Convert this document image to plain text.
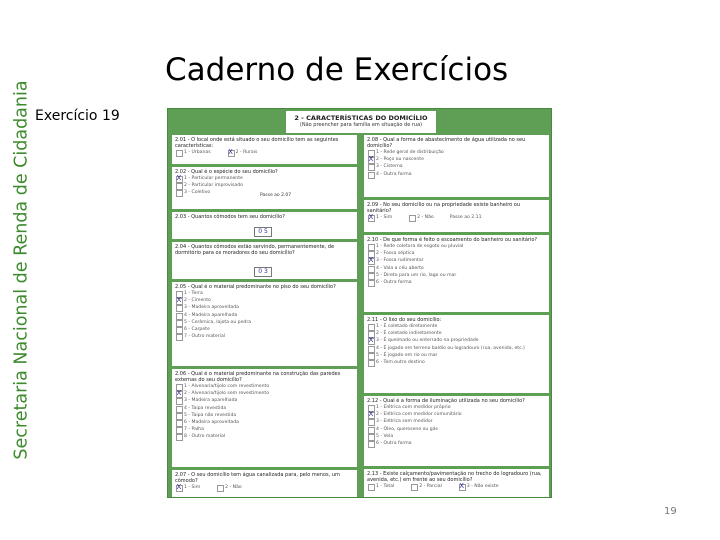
Secretaria Nacional de Renda de Cidadania
Caderno de Exercícios
Exercício 19	2 - CARACTERÍSTICAS DO DOMICÍLIO
(Não preencher para família em situação de rua)
2.01 - O local onde está situado o seu domicílio tem as seguintes características:
1 - Urbanas X	2 - Rurais
2.02 - Qual é o espécie do seu domicílio?
X
1 - Particular permanente
2 - Particular improvisado
3 - Coletivo
Passe ao 2.07
2.03 - Quantos cômodos tem seu domicílio?
0 5
2.04 - Quantos cômodos estão servindo, permanentemente, de dormitório para os moradores do seu domicílio?
0 3
2.05 - Qual é o material predominante no piso do seu domicílio?
1 - Terra
X
2 - Cimento
3 - Madeira aproveitada
4 - Madeira aparelhada
5 - Cerâmica, lajota ou pedra
6 - Carpete
7 - Outro material
2.06 - Qual é o material predominante na construção das paredes externas do seu domicílio?
1 - Alvenaria/tijolo com revestimento
X
2 - Alvenaria/tijolo sem revestimento
3 - Madeira aparelhada
4 - Taipa revestida
5 - Taipa não revestida
6 - Madeira aproveitada
7 - Palha
8 - Outro material
2.07 - O seu domicílio tem água canalizada para, pelo menos, um cômodo?
X
1 - Sim	2 - Não
2.08 - Qual a forma de abastecimento de água utilizada no seu domicílio?
1 - Rede geral de distribuição
X
2 - Poço ou nascente
3 - Cisterna
4 - Outra forma
2.09 - No seu domicílio ou na propriedade existe banheiro ou sanitário?
X
1 - Sim	2 - Não	Passe ao 2.11
2.10 - De que forma é feito o escoamento do banheiro ou sanitário?
1 - Rede coletora de esgoto ou pluvial
2 - Fossa séptica
X
3 - Fossa rudimentar
4 - Vala a céu aberto
5 - Direto para um rio, lago ou mar
6 - Outra forma
2.11 - O lixo do seu domicílio:
1 - É coletado diretamente
2 - É coletado indiretamente
X
3 - É queimado ou enterrado na propriedade
4 - É jogado em terreno baldio ou logradouro (rua, avenida, etc.)
5 - É jogado em rio ou mar
6 - Tem outro destino
2.12 - Qual é a forma de iluminação utilizada no seu domicílio?
1 - Elétrica com medidor próprio
X
2 - Elétrica com medidor comunitário
3 - Elétrica sem medidor
4 - Óleo, querosene ou gás
5 - Vela
6 - Outra forma
2.13 - Existe calçamento/pavimentação no trecho do logradouro (rua, avenida, etc.) em frente ao seu domicílio?
1 - Total	2 - Parcial X	3 - Não existe
19
